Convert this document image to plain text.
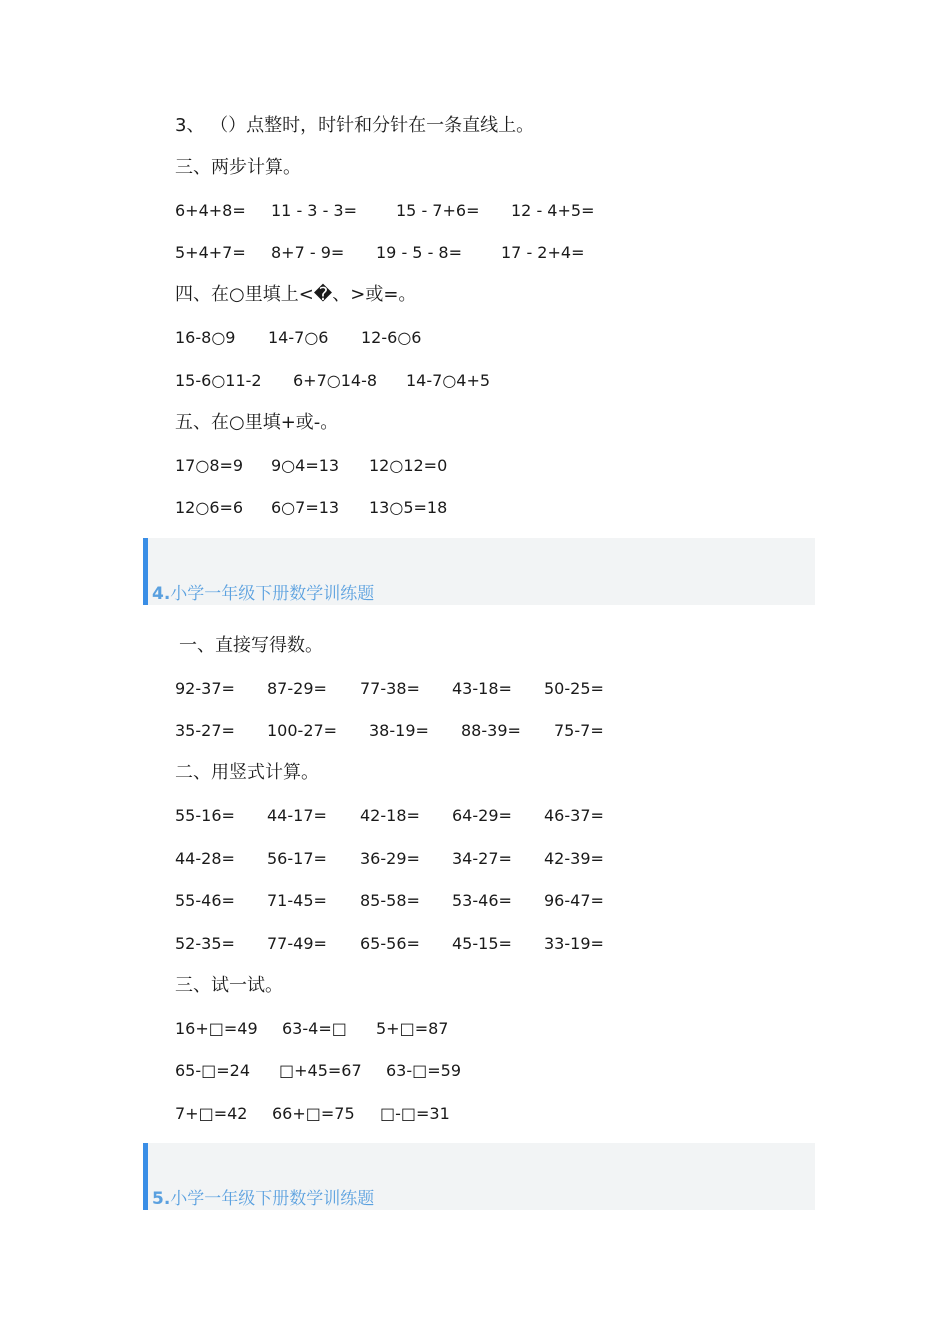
3、 （）点整时，时针和分针在一条直线上。
三、两步计算。

6+4+8=

11 - 3 - 3=

15 - 7+6=

12 - 4+5=

5+4+7=

8+7 - 9=

19 - 5 - 8=

17 - 2+4=

四、在○里填上<�、>或=。

16-8○9

14-7○6

12-6○6

15-6○11-2

6+7○14-8

14-7○4+5

五、在○里填+或-。

17○8=9

9○4=13

12○12=0

12○6=6

6○7=13

13○5=18

4.小学一年级下册数学训练题
一、直接写得数。

92-37=

87-29=

77-38=

43-18=

50-25=

35-27=

100-27=

38-19=

88-39=

75-7=

二、用竖式计算。

55-16=

44-17=

42-18=

64-29=

46-37=

44-28=

56-17=

36-29=

34-27=

42-39=

55-46=

71-45=

85-58=

53-46=

96-47=

52-35=

77-49=

65-56=

45-15=

33-19=

三、试一试。

16+□=49

63-4=□

5+□=87

65-□=24

□+45=67

63-□=59

7+□=42

66+□=75

□-□=31

5.小学一年级下册数学训练题
